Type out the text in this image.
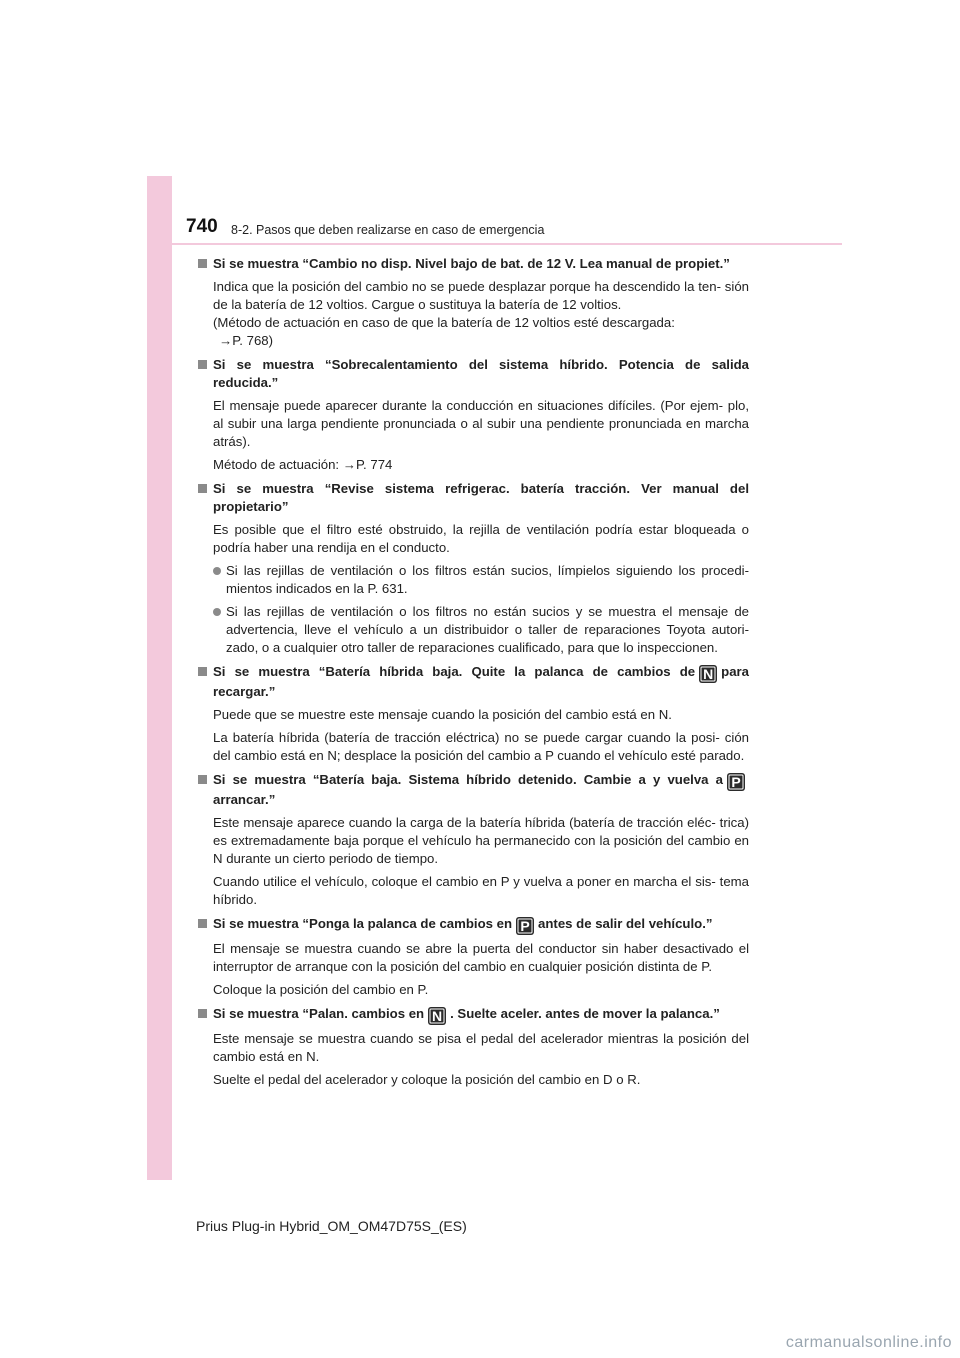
740 8-2. Pasos que deben realizarse en caso de emergencia
Si se muestra “Cambio no disp. Nivel bajo de bat. de 12 V. Lea manual de propiet.”
Indica que la posición del cambio no se puede desplazar porque ha descendido la ten- sión de la batería de 12 voltios. Cargue o sustituya la batería de 12 voltios.
(Método de actuación en caso de que la batería de 12 voltios esté descargada:
→P. 768)
Si se muestra “Sobrecalentamiento del sistema híbrido. Potencia de salida reducida.”
El mensaje puede aparecer durante la conducción en situaciones difíciles. (Por ejem- plo, al subir una larga pendiente pronunciada o al subir una pendiente pronunciada en marcha atrás).
Método de actuación: →P. 774
Si se muestra “Revise sistema refrigerac. batería tracción. Ver manual del propietario”
Es posible que el filtro esté obstruido, la rejilla de ventilación podría estar bloqueada o podría haber una rendija en el conducto.
Si las rejillas de ventilación o los filtros están sucios, límpielos siguiendo los procedi- mientos indicados en la P. 631.
Si las rejillas de ventilación o los filtros no están sucios y se muestra el mensaje de advertencia, lleve el vehículo a un distribuidor o taller de reparaciones Toyota autori- zado, o a cualquier otro taller de reparaciones cualificado, para que lo inspeccionen.
Si se muestra “Batería híbrida baja. Quite la palanca de cambios de N para recargar.”
Puede que se muestre este mensaje cuando la posición del cambio está en N.
La batería híbrida (batería de tracción eléctrica) no se puede cargar cuando la posi- ción del cambio está en N; desplace la posición del cambio a P cuando el vehículo esté parado.
Si se muestra “Batería baja. Sistema híbrido detenido. Cambie a y vuelva a Parrancar.”
Este mensaje aparece cuando la carga de la batería híbrida (batería de tracción eléc- trica) es extremadamente baja porque el vehículo ha permanecido con la posición del cambio en N durante un cierto periodo de tiempo.
Cuando utilice el vehículo, coloque el cambio en P y vuelva a poner en marcha el sis- tema híbrido.
Si se muestra “Ponga la palanca de cambios en P antes de salir del vehículo.”
El mensaje se muestra cuando se abre la puerta del conductor sin haber desactivado el interruptor de arranque con la posición del cambio en cualquier posición distinta de P.
Coloque la posición del cambio en P.
Si se muestra “Palan. cambios en N . Suelte aceler. antes de mover la palanca.”
Este mensaje se muestra cuando se pisa el pedal del acelerador mientras la posición del cambio está en N.
Suelte el pedal del acelerador y coloque la posición del cambio en D o R.
Prius Plug-in Hybrid_OM_OM47D75S_(ES)
carmanualsonline.info
